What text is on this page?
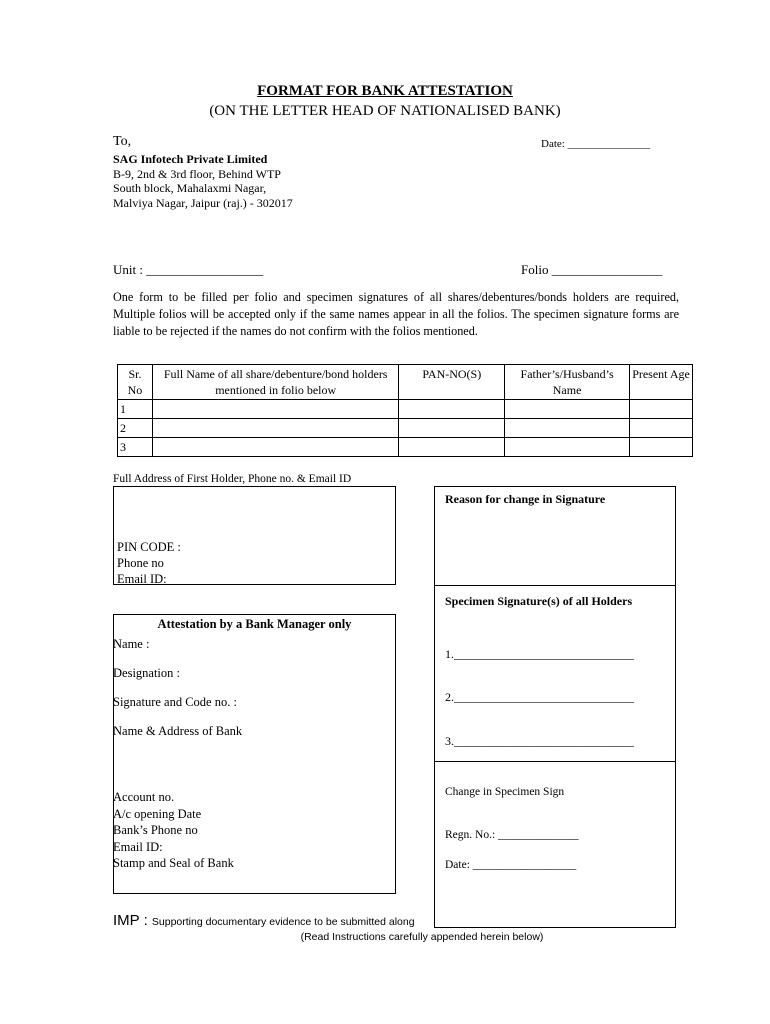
FORMAT FOR BANK ATTESTATION
(ON THE LETTER HEAD OF NATIONALISED BANK)
To,	Date: _______________
SAG Infotech Private Limited
B-9, 2nd & 3rd floor, Behind WTP
South block, Mahalaxmi Nagar,
Malviya Nagar, Jaipur (raj.) - 302017
Unit : __________________	Folio _________________
One form to be filled per folio and specimen signatures of all shares/debentures/bonds holders are required, Multiple folios will be accepted only if the same names appear in all the folios. The specimen signature forms are liable to be rejected if the names do not confirm with the folios mentioned.
Sr. No	Full Name of all share/debenture/bond holders mentioned in folio below	PAN-NO(S)	Father’s/Husband’s Name	Present Age
1				
2				
3				
Full Address of First Holder, Phone no. & Email ID
PIN CODE :
Phone no
Email ID:
Reason for change in Signature
Specimen Signature(s) of all Holders
1.______________________________
2.______________________________
3.______________________________
Change in Specimen Sign
Regn. No.: ______________
Date: __________________
Attestation by a Bank Manager only
Name :
Designation :
Signature and Code no. :
Name & Address of Bank
Account no.
A/c opening Date
Bank’s Phone no
Email ID:
Stamp and Seal of Bank
IMP : Supporting documentary evidence to be submitted along
(Read Instructions carefully appended herein below)
